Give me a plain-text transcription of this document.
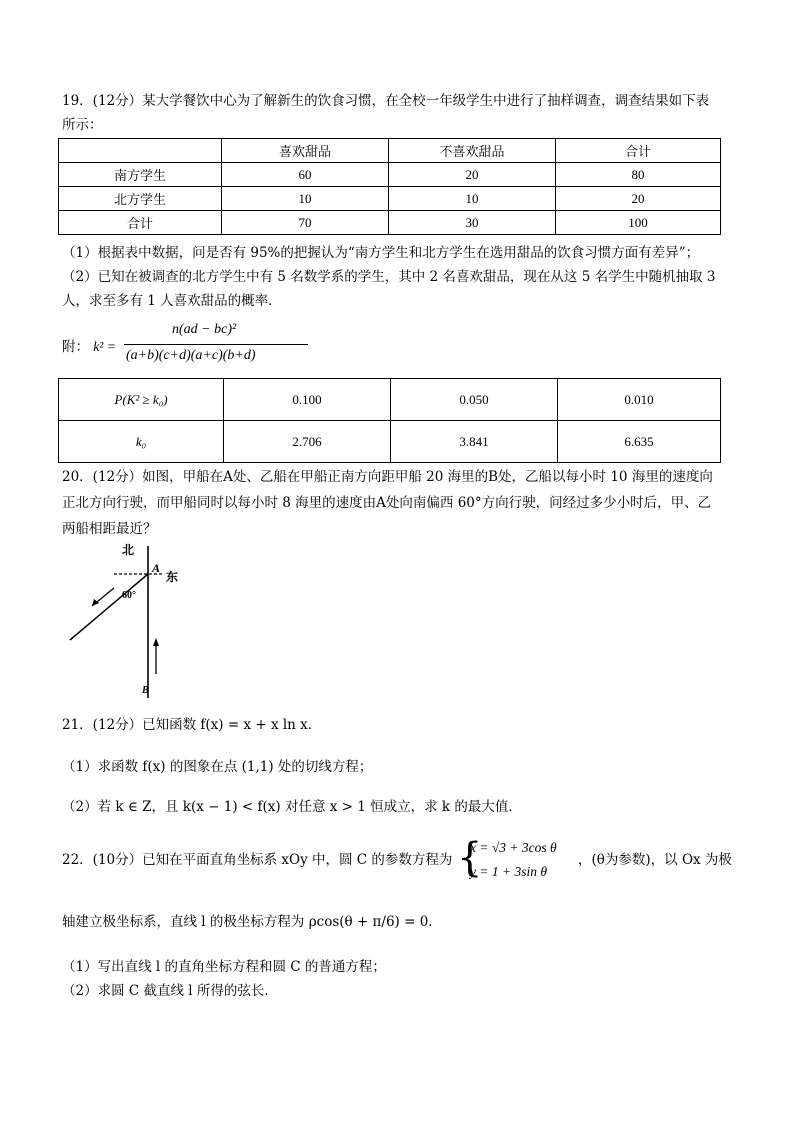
19．(12分）某大学餐饮中心为了解新生的饮食习惯，在全校一年级学生中进行了抽样调查，调查结果如下表
所示：
	喜欢甜品	不喜欢甜品	合计
南方学生	60	20	80
北方学生	10	10	20
合计	70	30	100
（1）根据表中数据，问是否有 95%的把握认为“南方学生和北方学生在选用甜品的饮食习惯方面有差异”；
（2）已知在被调查的北方学生中有 5 名数学系的学生，其中 2 名喜欢甜品，现在从这 5 名学生中随机抽取 3
人，求至多有 1 人喜欢甜品的概率．
附： k² =
n(ad − bc)²
(a+b)(c+d)(a+c)(b+d)
P(K² ≥ k₀)	0.100	0.050	0.010
k₀	2.706	3.841	6.635
20．(12分）如图，甲船在A处、乙船在甲船正南方向距甲船 20 海里的B处，乙船以每小时 10 海里的速度向
正北方向行驶，而甲船同时以每小时 8 海里的速度由A处向南偏西 60°方向行驶，问经过多少小时后，甲、乙
两船相距最近？
北
A
东
60°
B
21．(12分）已知函数 f(x) = x + x ln x．
（1）求函数 f(x) 的图象在点 (1,1) 处的切线方程；
（2）若 k ∈ Z，且 k(x − 1) < f(x) 对任意 x > 1 恒成立，求 k 的最大值．
22．(10分）已知在平面直角坐标系 xOy 中，圆 C 的参数方程为 {
x = √3 + 3cos θ
y = 1 + 3sin θ
，(θ为参数)，以 Ox 为极
轴建立极坐标系，直线 l 的极坐标方程为 ρcos(θ + π/6) = 0．
（1）写出直线 l 的直角坐标方程和圆 C 的普通方程；
（2）求圆 C 截直线 l 所得的弦长．
